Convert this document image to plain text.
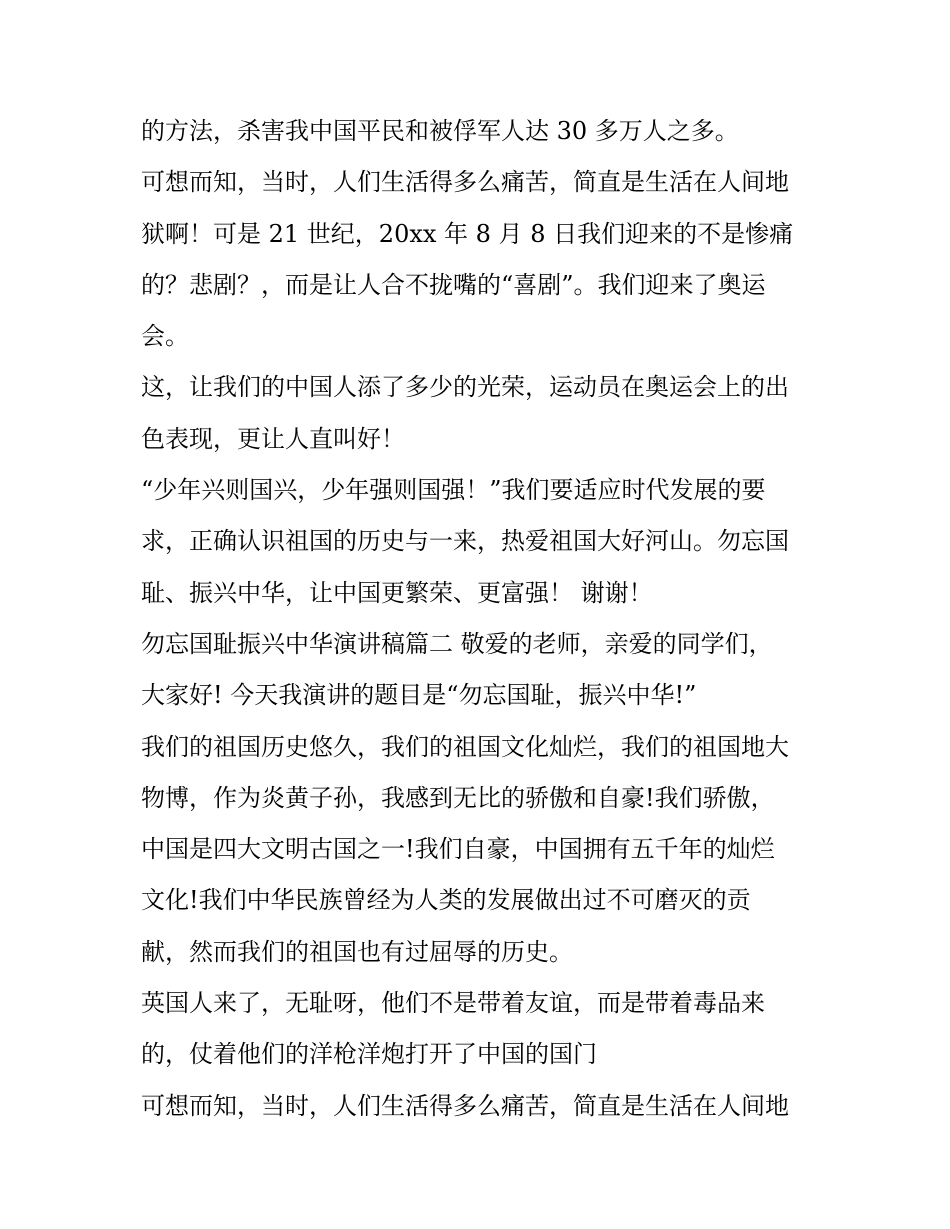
的方法，杀害我中国平民和被俘军人达 30 多万人之多。
可想而知，当时，人们生活得多么痛苦，简直是生活在人间地
狱啊！可是 21 世纪，20xx 年 8 月 8 日我们迎来的不是惨痛
的？悲剧？，而是让人合不拢嘴的“喜剧”。我们迎来了奥运
会。
这，让我们的中国人添了多少的光荣，运动员在奥运会上的出
色表现，更让人直叫好！
“少年兴则国兴，少年强则国强！”我们要适应时代发展的要
求，正确认识祖国的历史与一来，热爱祖国大好河山。勿忘国
耻、振兴中华，让中国更繁荣、更富强！ 谢谢！
勿忘国耻振兴中华演讲稿篇二 敬爱的老师，亲爱的同学们，
大家好! 今天我演讲的题目是“勿忘国耻，振兴中华!”
我们的祖国历史悠久，我们的祖国文化灿烂，我们的祖国地大
物博，作为炎黄子孙，我感到无比的骄傲和自豪!我们骄傲，
中国是四大文明古国之一!我们自豪，中国拥有五千年的灿烂
文化!我们中华民族曾经为人类的发展做出过不可磨灭的贡
献，然而我们的祖国也有过屈辱的历史。
英国人来了，无耻呀，他们不是带着友谊，而是带着毒品来
的，仗着他们的洋枪洋炮打开了中国的国门
可想而知，当时，人们生活得多么痛苦，简直是生活在人间地
